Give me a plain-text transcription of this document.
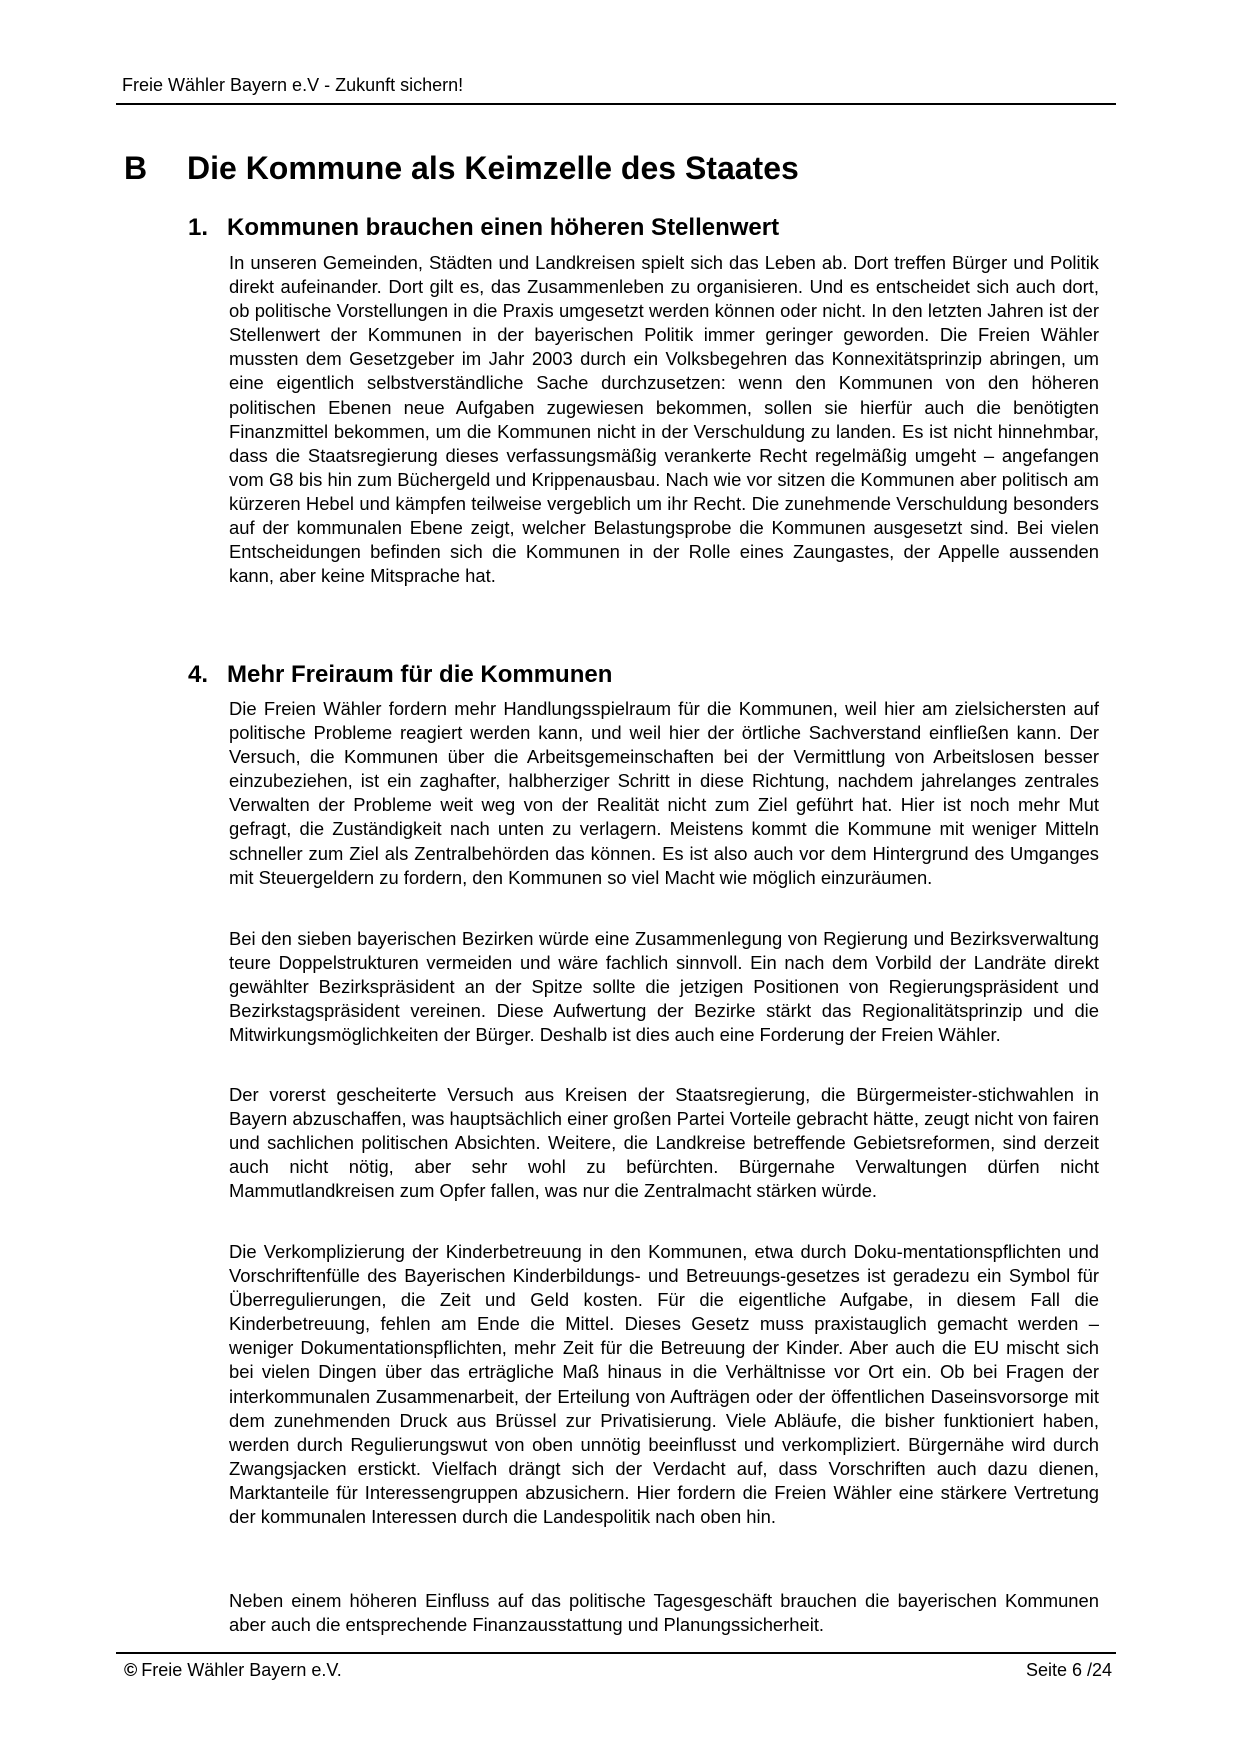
Freie Wähler Bayern e.V - Zukunft sichern!
B Die Kommune als Keimzelle des Staates
1. Kommunen brauchen einen höheren Stellenwert
In unseren Gemeinden, Städten und Landkreisen spielt sich das Leben ab. Dort treffen Bürger und Politik direkt aufeinander. Dort gilt es, das Zusammenleben zu organisieren. Und es entscheidet sich auch dort, ob politische Vorstellungen in die Praxis umgesetzt werden können oder nicht. In den letzten Jahren ist der Stellenwert der Kommunen in der bayerischen Politik immer geringer geworden. Die Freien Wähler mussten dem Gesetzgeber im Jahr 2003 durch ein Volksbegehren das Konnexitätsprinzip abringen, um eine eigentlich selbstverständliche Sache durchzusetzen: wenn den Kommunen von den höheren politischen Ebenen neue Aufgaben zugewiesen bekommen, sollen sie hierfür auch die benötigten Finanzmittel bekommen, um die Kommunen nicht in der Verschuldung zu landen. Es ist nicht hinnehmbar, dass die Staatsregierung dieses verfassungsmäßig verankerte Recht regelmäßig umgeht – angefangen vom G8 bis hin zum Büchergeld und Krippenausbau. Nach wie vor sitzen die Kommunen aber politisch am kürzeren Hebel und kämpfen teilweise vergeblich um ihr Recht. Die zunehmende Verschuldung besonders auf der kommunalen Ebene zeigt, welcher Belastungsprobe die Kommunen ausgesetzt sind. Bei vielen Entscheidungen befinden sich die Kommunen in der Rolle eines Zaungastes, der Appelle aussenden kann, aber keine Mitsprache hat.
4. Mehr Freiraum für die Kommunen
Die Freien Wähler fordern mehr Handlungsspielraum für die Kommunen, weil hier am zielsichersten auf politische Probleme reagiert werden kann, und weil hier der örtliche Sachverstand einfließen kann. Der Versuch, die Kommunen über die Arbeitsgemeinschaften bei der Vermittlung von Arbeitslosen besser einzubeziehen, ist ein zaghafter, halbherziger Schritt in diese Richtung, nachdem jahrelanges zentrales Verwalten der Probleme weit weg von der Realität nicht zum Ziel geführt hat. Hier ist noch mehr Mut gefragt, die Zuständigkeit nach unten zu verlagern. Meistens kommt die Kommune mit weniger Mitteln schneller zum Ziel als Zentralbehörden das können. Es ist also auch vor dem Hintergrund des Umganges mit Steuergeldern zu fordern, den Kommunen so viel Macht wie möglich einzuräumen.
Bei den sieben bayerischen Bezirken würde eine Zusammenlegung von Regierung und Bezirksverwaltung teure Doppelstrukturen vermeiden und wäre fachlich sinnvoll. Ein nach dem Vorbild der Landräte direkt gewählter Bezirkspräsident an der Spitze sollte die jetzigen Positionen von Regierungspräsident und Bezirkstagspräsident vereinen. Diese Aufwertung der Bezirke stärkt das Regionalitätsprinzip und die Mitwirkungsmöglichkeiten der Bürger. Deshalb ist dies auch eine Forderung der Freien Wähler.
Der vorerst gescheiterte Versuch aus Kreisen der Staatsregierung, die Bürgermeister-stichwahlen in Bayern abzuschaffen, was hauptsächlich einer großen Partei Vorteile gebracht hätte, zeugt nicht von fairen und sachlichen politischen Absichten. Weitere, die Landkreise betreffende Gebietsreformen, sind derzeit auch nicht nötig, aber sehr wohl zu befürchten. Bürgernahe Verwaltungen dürfen nicht Mammutlandkreisen zum Opfer fallen, was nur die Zentralmacht stärken würde.
Die Verkomplizierung der Kinderbetreuung in den Kommunen, etwa durch Doku-mentationspflichten und Vorschriftenfülle des Bayerischen Kinderbildungs- und Betreuungs-gesetzes ist geradezu ein Symbol für Überregulierungen, die Zeit und Geld kosten. Für die eigentliche Aufgabe, in diesem Fall die Kinderbetreuung, fehlen am Ende die Mittel. Dieses Gesetz muss praxistauglich gemacht werden – weniger Dokumentationspflichten, mehr Zeit für die Betreuung der Kinder. Aber auch die EU mischt sich bei vielen Dingen über das erträgliche Maß hinaus in die Verhältnisse vor Ort ein. Ob bei Fragen der interkommunalen Zusammenarbeit, der Erteilung von Aufträgen oder der öffentlichen Daseinsvorsorge mit dem zunehmenden Druck aus Brüssel zur Privatisierung. Viele Abläufe, die bisher funktioniert haben, werden durch Regulierungswut von oben unnötig beeinflusst und verkompliziert. Bürgernähe wird durch Zwangsjacken erstickt. Vielfach drängt sich der Verdacht auf, dass Vorschriften auch dazu dienen, Marktanteile für Interessengruppen abzusichern. Hier fordern die Freien Wähler eine stärkere Vertretung der kommunalen Interessen durch die Landespolitik nach oben hin.
Neben einem höheren Einfluss auf das politische Tagesgeschäft brauchen die bayerischen Kommunen aber auch die entsprechende Finanzausstattung und Planungssicherheit.
© Freie Wähler Bayern e.V.	Seite 6 /24
